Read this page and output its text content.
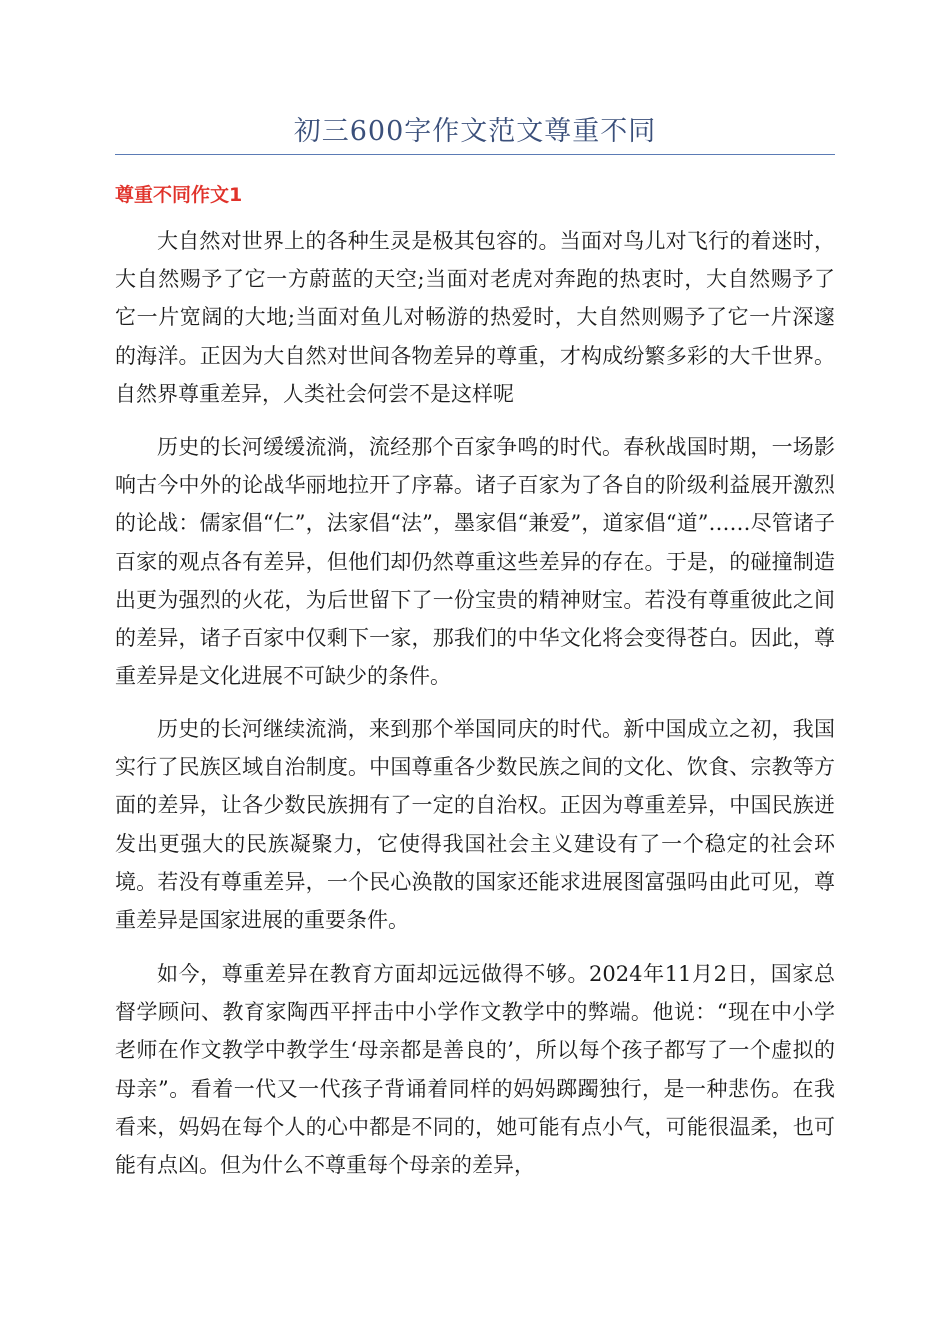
初三600字作文范文尊重不同
尊重不同作文1

大自然对世界上的各种生灵是极其包容的。当面对鸟儿对飞行的着迷时，大自然赐予了它一方蔚蓝的天空;当面对老虎对奔跑的热衷时，大自然赐予了它一片宽阔的大地;当面对鱼儿对畅游的热爱时，大自然则赐予了它一片深邃的海洋。正因为大自然对世间各物差异的尊重，才构成纷繁多彩的大千世界。自然界尊重差异，人类社会何尝不是这样呢

历史的长河缓缓流淌，流经那个百家争鸣的时代。春秋战国时期，一场影响古今中外的论战华丽地拉开了序幕。诸子百家为了各自的阶级利益展开激烈的论战：儒家倡“仁”，法家倡“法”，墨家倡“兼爱”，道家倡“道”……尽管诸子百家的观点各有差异，但他们却仍然尊重这些差异的存在。于是，的碰撞制造出更为强烈的火花，为后世留下了一份宝贵的精神财宝。若没有尊重彼此之间的差异，诸子百家中仅剩下一家，那我们的中华文化将会变得苍白。因此，尊重差异是文化进展不可缺少的条件。

历史的长河继续流淌，来到那个举国同庆的时代。新中国成立之初，我国实行了民族区域自治制度。中国尊重各少数民族之间的文化、饮食、宗教等方面的差异，让各少数民族拥有了一定的自治权。正因为尊重差异，中国民族迸发出更强大的民族凝聚力，它使得我国社会主义建设有了一个稳定的社会环境。若没有尊重差异，一个民心涣散的国家还能求进展图富强吗由此可见，尊重差异是国家进展的重要条件。

如今，尊重差异在教育方面却远远做得不够。2024年11月2日，国家总督学顾问、教育家陶西平抨击中小学作文教学中的弊端。他说：“现在中小学老师在作文教学中教学生‘母亲都是善良的’，所以每个孩子都写了一个虚拟的母亲”。看着一代又一代孩子背诵着同样的妈妈踯躅独行，是一种悲伤。在我看来，妈妈在每个人的心中都是不同的，她可能有点小气，可能很温柔，也可能有点凶。但为什么不尊重每个母亲的差异，
